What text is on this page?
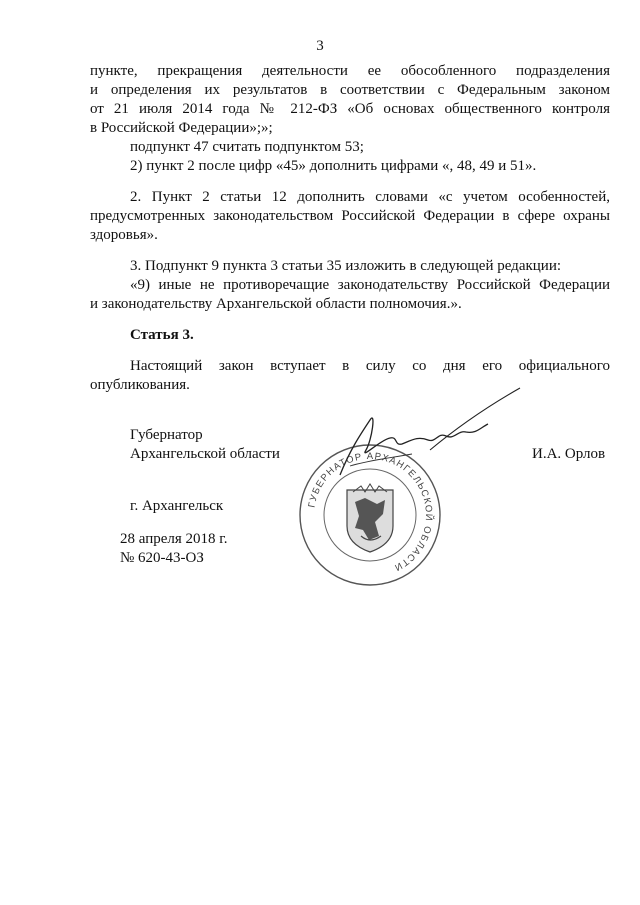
3
пункте, прекращения деятельности ее обособленного подразделения
и определения их результатов в соответствии с Федеральным законом
от 21 июля 2014 года № 212-ФЗ «Об основах общественного контроля
в Российской Федерации»;»;
подпункт 47 считать подпунктом 53;
2) пункт 2 после цифр «45» дополнить цифрами «, 48, 49 и 51».
2. Пункт 2 статьи 12 дополнить словами «с учетом особенностей,
предусмотренных законодательством Российской Федерации в сфере охраны
здоровья».
3. Подпункт 9 пункта 3 статьи 35 изложить в следующей редакции:
«9) иные не противоречащие законодательству Российской Федерации
и законодательству Архангельской области полномочия.».
Статья 3.
Настоящий закон вступает в силу со дня его официального
опубликования.
Губернатор
Архангельской области	И.А. Орлов
г. Архангельск
28 апреля 2018 г.
№ 620-43-ОЗ
ГУБЕРНАТОР АРХАНГЕЛЬСКОЙ ОБЛАСТИ
